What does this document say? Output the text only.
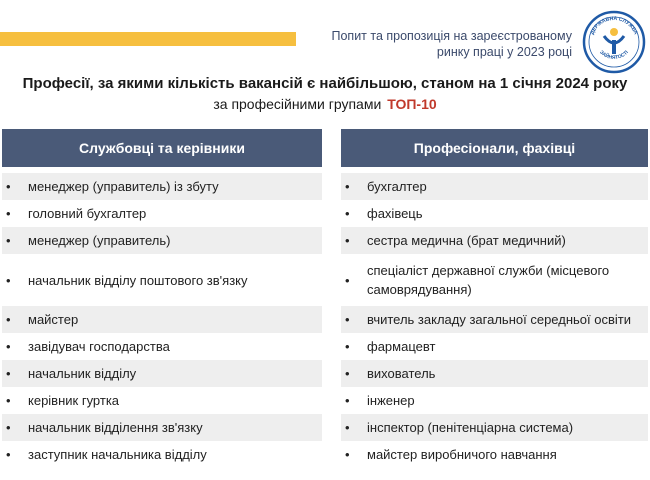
Попит та пропозиція на зареєстрованому
ринку праці у 2023 році
ДЕРЖАВНА СЛУЖБА
ЗАЙНЯТОСТІ
Професії, за якими кількість вакансій є найбільшою, станом на 1 січня 2024 року
за професійними групами ТОП-10
Службовці та керівники
•	менеджер (управитель) із збуту
•	головний бухгалтер
•	менеджер (управитель)
•	начальник відділу поштового зв'язку
•	майстер
•	завідувач господарства
•	начальник відділу
•	керівник гуртка
•	начальник відділення зв'язку
•	заступник начальника відділу
Професіонали, фахівці
•	бухгалтер
•	фахівець
•	сестра медична (брат медичний)
•
спеціаліст державної служби (місцевого самоврядування)
•	вчитель закладу загальної середньої освіти
•	фармацевт
•	вихователь
•	інженер
•	інспектор (пенітенціарна система)
•	майстер виробничого навчання
